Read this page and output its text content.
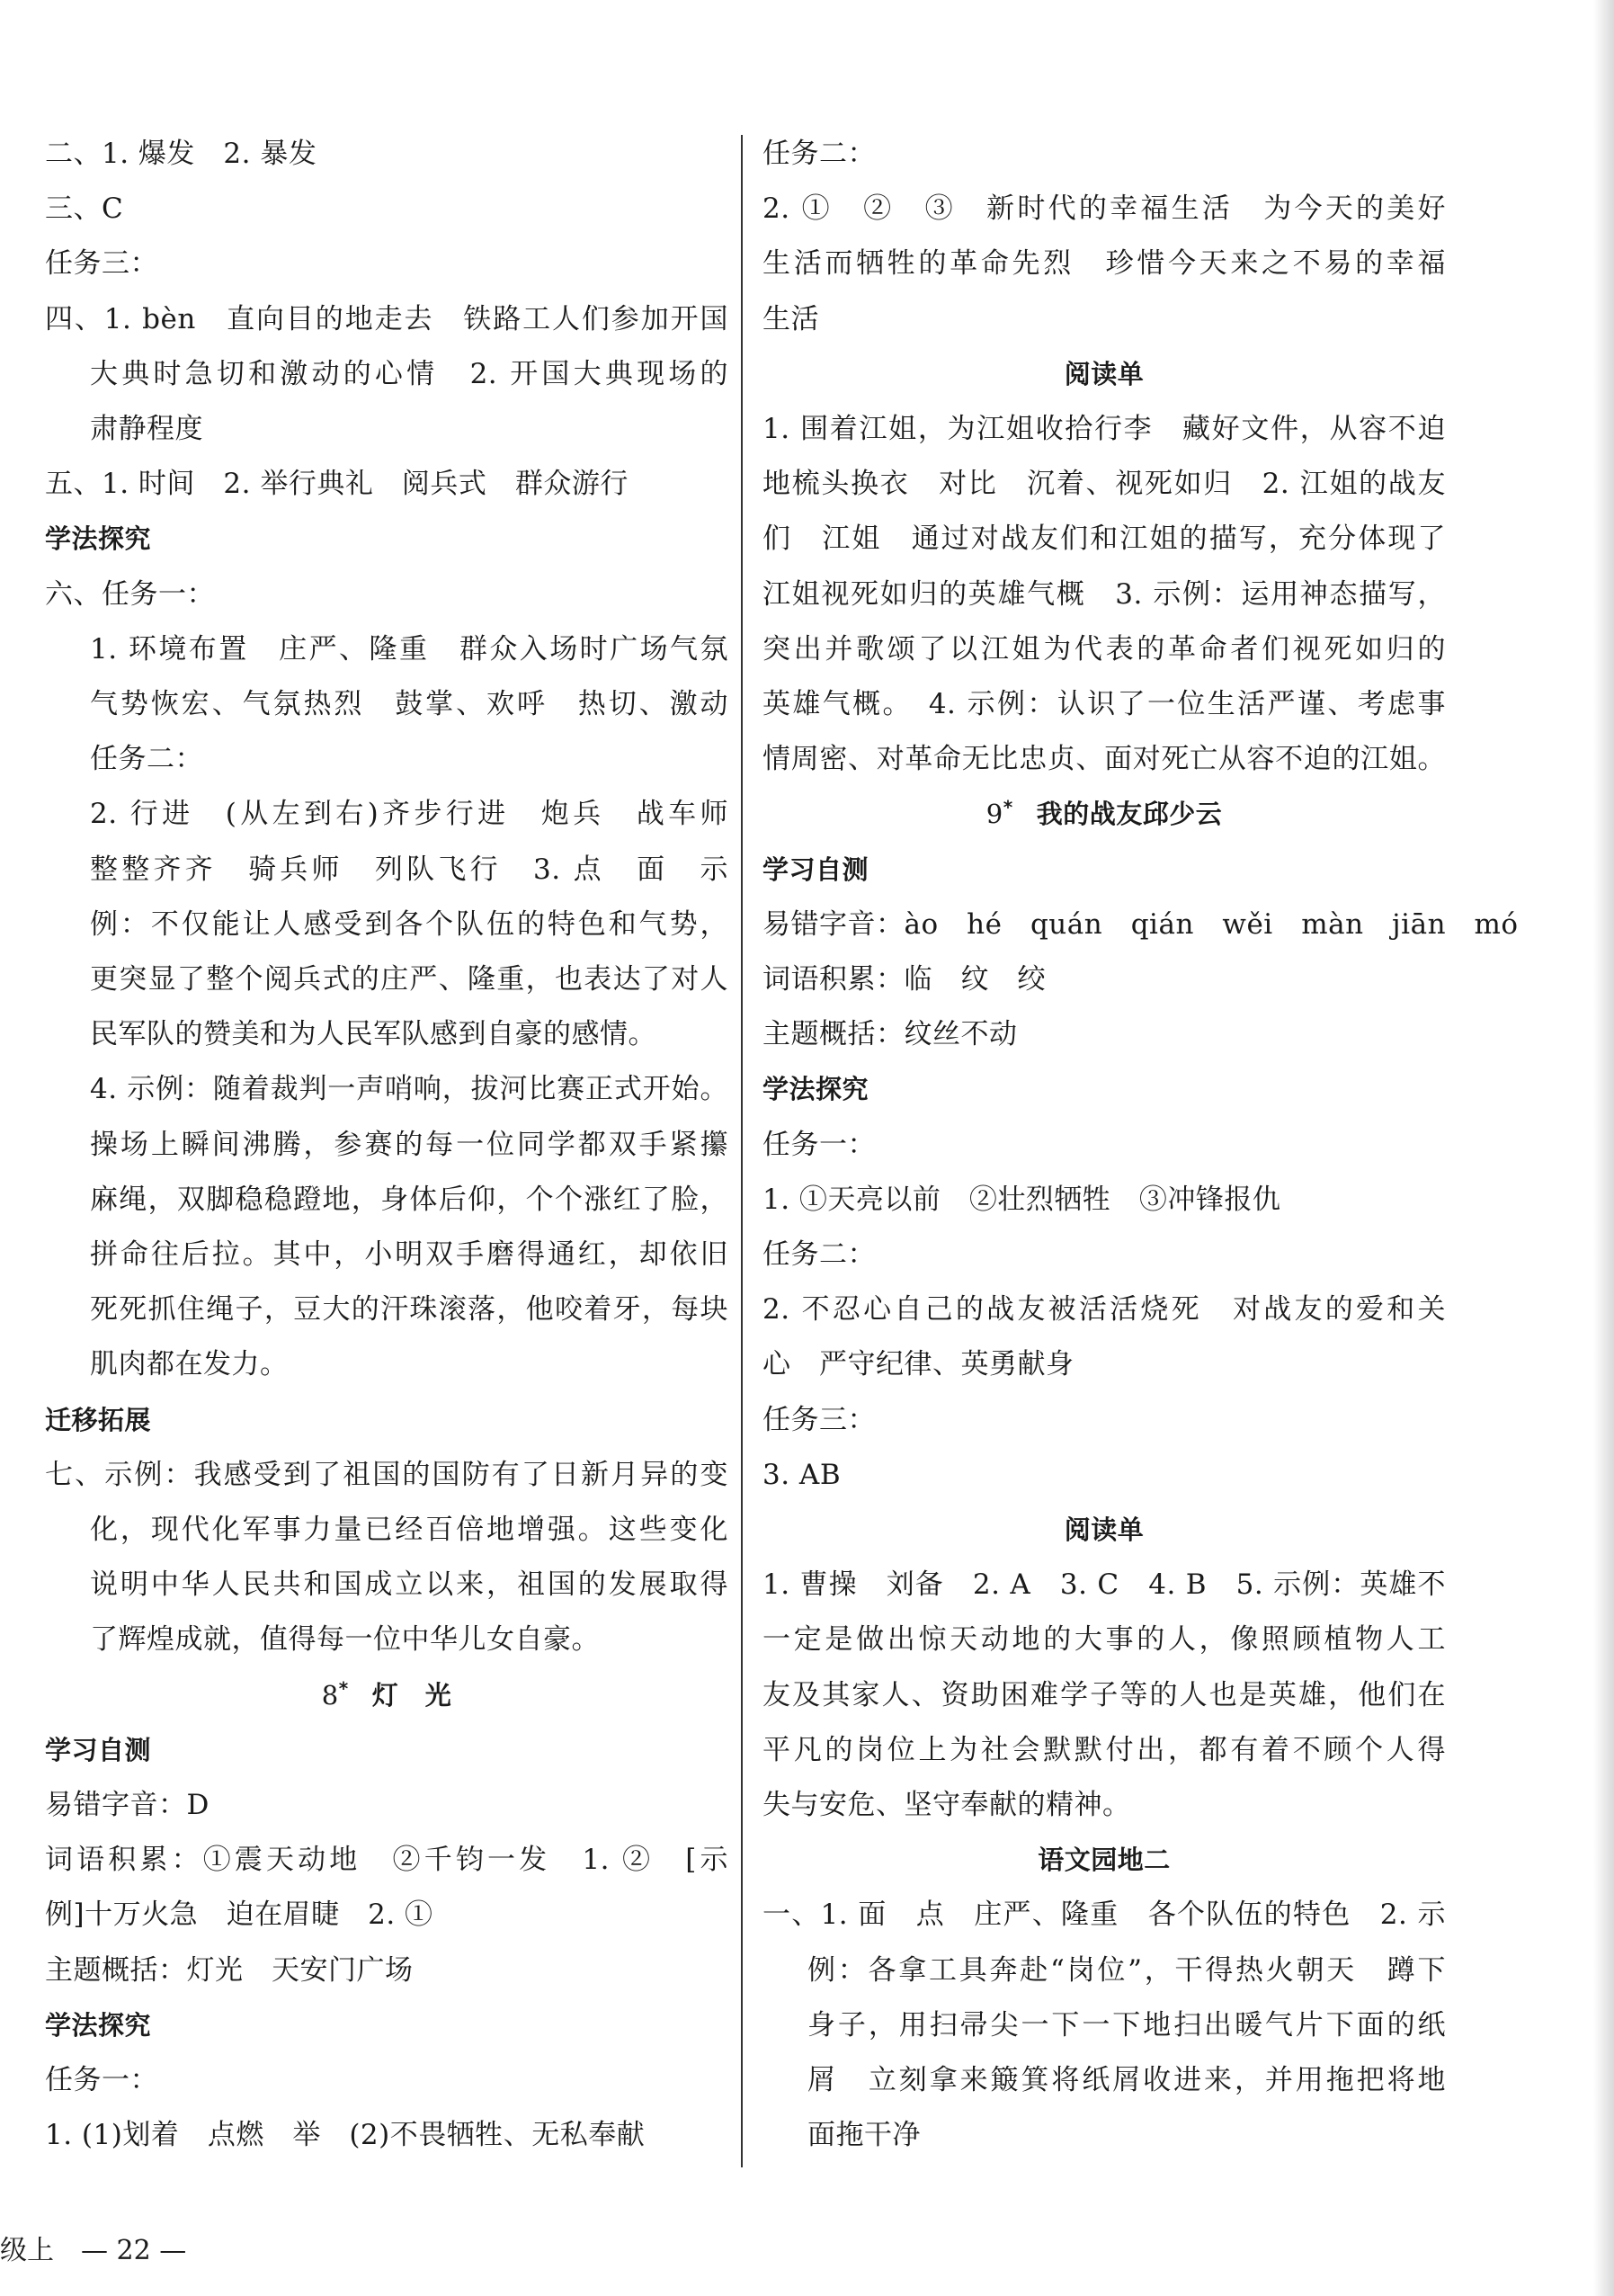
二、1. 爆发　2. 暴发
三、C
任务三：
四、1. bèn　直向目的地走去　铁路工人们参加开国
大典时急切和激动的心情　2. 开国大典现场的
肃静程度
五、1. 时间　2. 举行典礼　阅兵式　群众游行
学法探究
六、任务一：
1. 环境布置　庄严、隆重　群众入场时广场气氛
气势恢宏、气氛热烈　鼓掌、欢呼　热切、激动
任务二：
2. 行进　(从左到右)齐步行进　炮兵　战车师
整整齐齐　骑兵师　列队飞行　3. 点　面　示
例：不仅能让人感受到各个队伍的特色和气势，
更突显了整个阅兵式的庄严、隆重，也表达了对人
民军队的赞美和为人民军队感到自豪的感情。
4. 示例：随着裁判一声哨响，拔河比赛正式开始。
操场上瞬间沸腾，参赛的每一位同学都双手紧攥
麻绳，双脚稳稳蹬地，身体后仰，个个涨红了脸，
拼命往后拉。其中，小明双手磨得通红，却依旧
死死抓住绳子，豆大的汗珠滚落，他咬着牙，每块
肌肉都在发力。
迁移拓展
七、示例：我感受到了祖国的国防有了日新月异的变
化，现代化军事力量已经百倍地增强。这些变化
说明中华人民共和国成立以来，祖国的发展取得
了辉煌成就，值得每一位中华儿女自豪。
8* 灯　光
学习自测
易错字音：D
词语积累：①震天动地　②千钧一发　1. ②　[示
例]十万火急　迫在眉睫　2. ①
主题概括：灯光　天安门广场
学法探究
任务一：
1. (1)划着　点燃　举　(2)不畏牺牲、无私奉献
任务二：
2. ①　②　③　新时代的幸福生活　为今天的美好
生活而牺牲的革命先烈　珍惜今天来之不易的幸福
生活
阅读单
1. 围着江姐，为江姐收拾行李　藏好文件，从容不迫
地梳头换衣　对比　沉着、视死如归　2. 江姐的战友
们　江姐　通过对战友们和江姐的描写，充分体现了
江姐视死如归的英雄气概　3. 示例：运用神态描写，
突出并歌颂了以江姐为代表的革命者们视死如归的
英雄气概。　4. 示例：认识了一位生活严谨、考虑事
情周密、对革命无比忠贞、面对死亡从容不迫的江姐。
9* 我的战友邱少云
学习自测
易错字音：ào　hé　quán　qián　wěi　màn　jiān　mó
词语积累：临　纹　绞
主题概括：纹丝不动
学法探究
任务一：
1. ①天亮以前　②壮烈牺牲　③冲锋报仇
任务二：
2. 不忍心自己的战友被活活烧死　对战友的爱和关
心　严守纪律、英勇献身
任务三：
3. AB
阅读单
1. 曹操　刘备　2. A　3. C　4. B　5. 示例：英雄不
一定是做出惊天动地的大事的人，像照顾植物人工
友及其家人、资助困难学子等的人也是英雄，他们在
平凡的岗位上为社会默默付出，都有着不顾个人得
失与安危、坚守奉献的精神。
语文园地二
一、1. 面　点　庄严、隆重　各个队伍的特色　2. 示
例：各拿工具奔赴“岗位”，干得热火朝天　蹲下
身子，用扫帚尖一下一下地扫出暖气片下面的纸
屑　立刻拿来簸箕将纸屑收进来，并用拖把将地
面拖干净
级上　— 22 —
